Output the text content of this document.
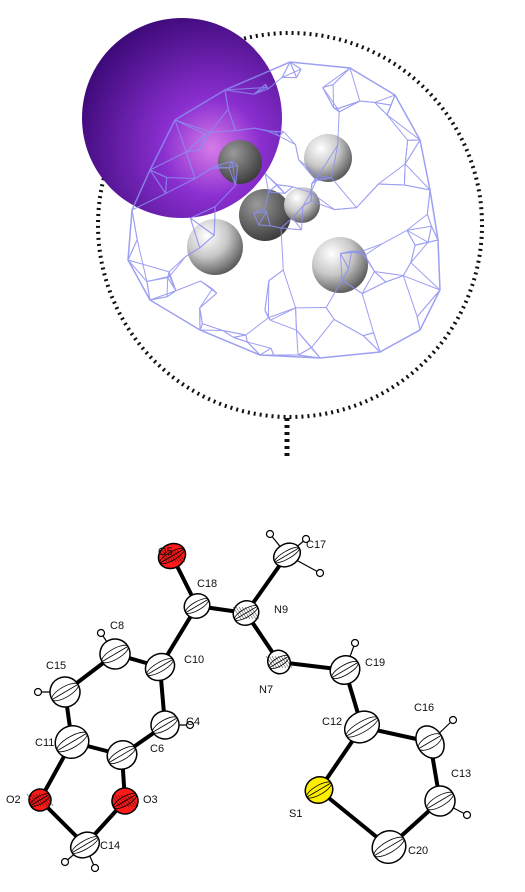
O5
C17
C18
N9
C8
C10
C15
N7
C19
C4
C16
C12
C11	C6
C13
O2	O3
S1
C14	C20
